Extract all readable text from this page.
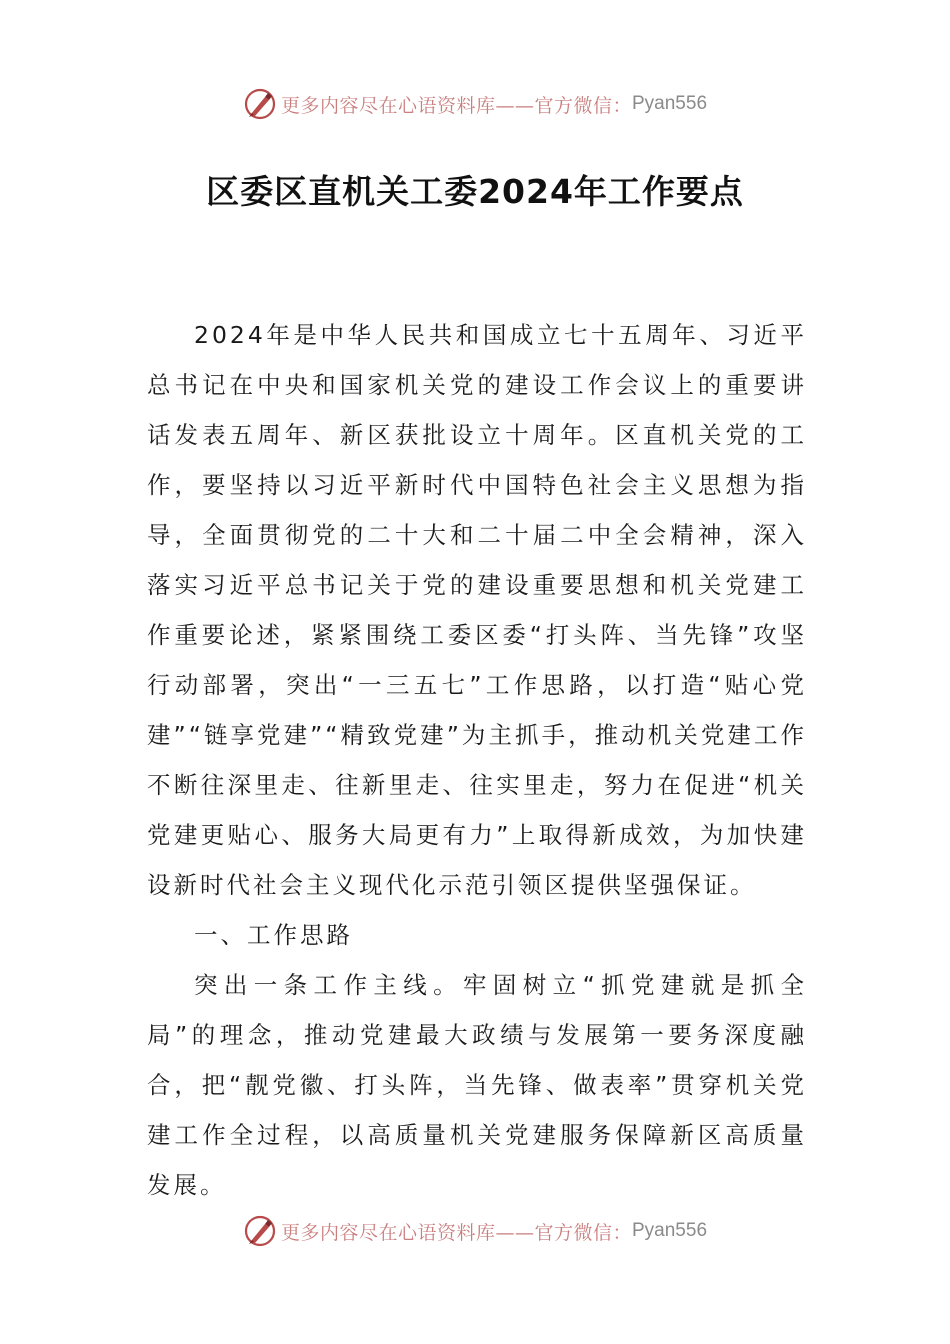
更多内容尽在心语资料库——官方微信： Pyan556
区委区直机关工委2024年工作要点

2024年是中华人民共和国成立七十五周年、习近平总书记在中央和国家机关党的建设工作会议上的重要讲话发表五周年、新区获批设立十周年。区直机关党的工作，要坚持以习近平新时代中国特色社会主义思想为指导，全面贯彻党的二十大和二十届二中全会精神，深入落实习近平总书记关于党的建设重要思想和机关党建工作重要论述，紧紧围绕工委区委“打头阵、当先锋”攻坚行动部署，突出“一三五七”工作思路，以打造“贴心党建”“链享党建”“精致党建”为主抓手，推动机关党建工作不断往深里走、往新里走、往实里走，努力在促进“机关党建更贴心、服务大局更有力”上取得新成效，为加快建设新时代社会主义现代化示范引领区提供坚强保证。

一、工作思路

突出一条工作主线。牢固树立“抓党建就是抓全局”的理念，推动党建最大政绩与发展第一要务深度融合，把“靓党徽、打头阵，当先锋、做表率”贯穿机关党建工作全过程，以高质量机关党建服务保障新区高质量发展。

更多内容尽在心语资料库——官方微信： Pyan556
